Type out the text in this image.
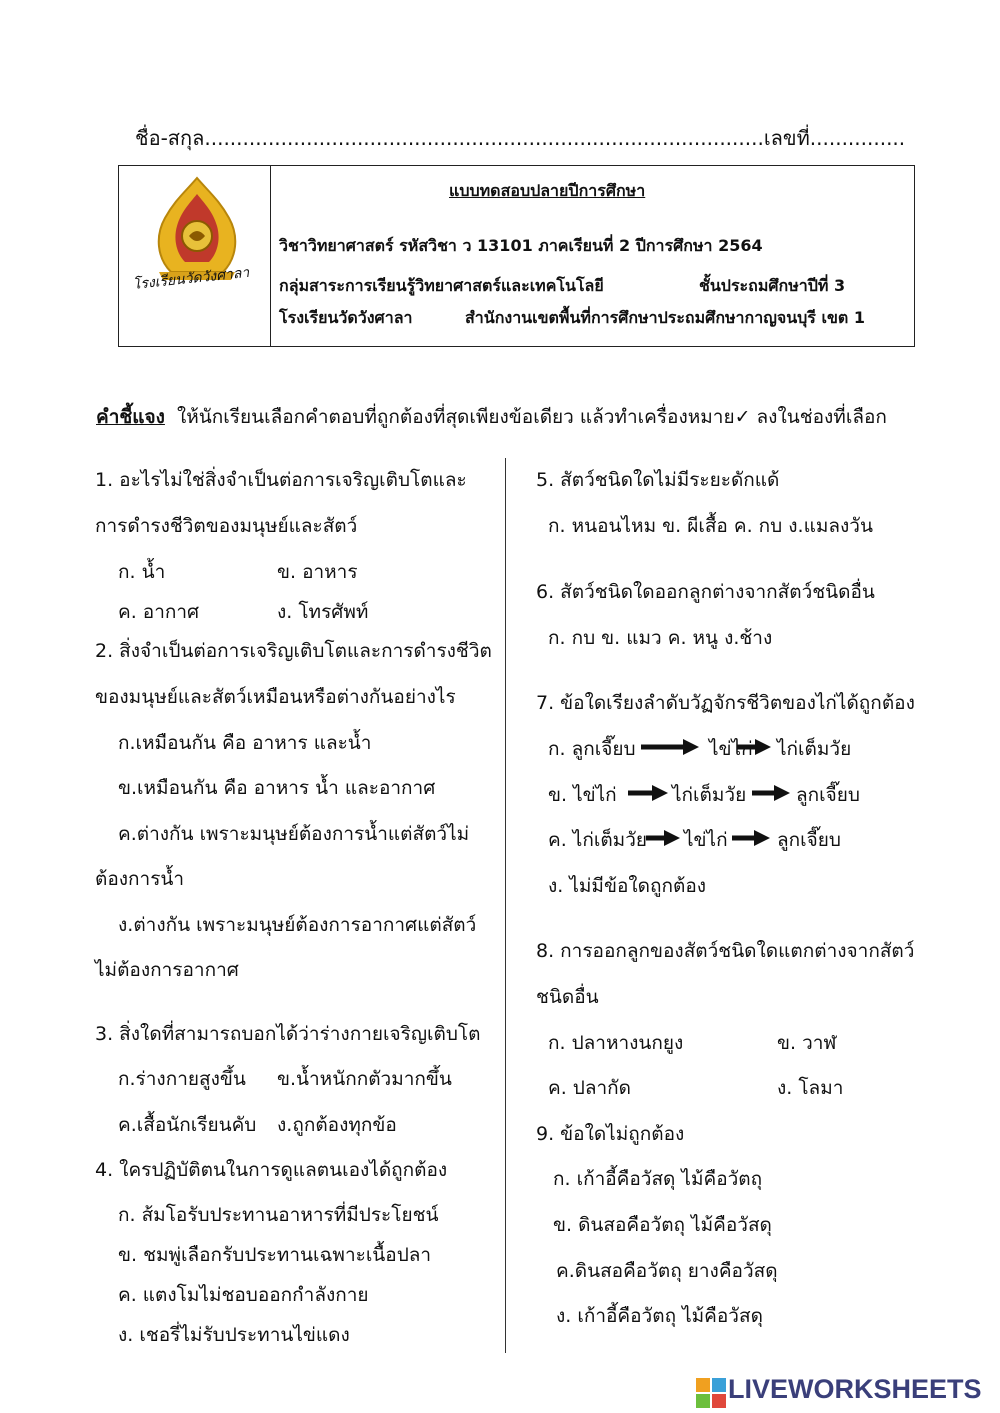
ชื่อ-สกุล........................................................................................เลขที่...............
โรงเรียนวัดวังศาลา
แบบทดสอบปลายปีการศึกษา
วิชาวิทยาศาสตร์ รหัสวิชา ว 13101 ภาคเรียนที่ 2 ปีการศึกษา 2564
กลุ่มสาระการเรียนรู้วิทยาศาสตร์และเทคโนโลยี	ชั้นประถมศึกษาปีที่ 3
โรงเรียนวัดวังศาลา	สำนักงานเขตพื้นที่การศึกษาประถมศึกษากาญจนบุรี เขต 1
คำชี้แจง ให้นักเรียนเลือกคำตอบที่ถูกต้องที่สุดเพียงข้อเดียว แล้วทำเครื่องหมาย✓ ลงในช่องที่เลือก
1. อะไรไม่ใช่สิ่งจำเป็นต่อการเจริญเติบโตและ
การดำรงชีวิตของมนุษย์และสัตว์
ก. น้ำ	ข. อาหาร
ค. อากาศ	ง. โทรศัพท์
2. สิ่งจำเป็นต่อการเจริญเติบโตและการดำรงชีวิต
ของมนุษย์และสัตว์เหมือนหรือต่างกันอย่างไร
ก.เหมือนกัน คือ อาหาร และน้ำ
ข.เหมือนกัน คือ อาหาร น้ำ และอากาศ
ค.ต่างกัน เพราะมนุษย์ต้องการน้ำแต่สัตว์ไม่
ต้องการน้ำ
ง.ต่างกัน เพราะมนุษย์ต้องการอากาศแต่สัตว์
ไม่ต้องการอากาศ
3. สิ่งใดที่สามารถบอกได้ว่าร่างกายเจริญเติบโต
ก.ร่างกายสูงขึ้น ข.น้ำหนักกตัวมากขึ้น
ค.เสื้อนักเรียนคับ ง.ถูกต้องทุกข้อ
4. ใครปฏิบัติตนในการดูแลตนเองได้ถูกต้อง
ก. ส้มโอรับประทานอาหารที่มีประโยชน์
ข. ชมพู่เลือกรับประทานเฉพาะเนื้อปลา
ค. แตงโมไม่ชอบออกกำลังกาย
ง. เชอรี่ไม่รับประทานไข่แดง
5. สัตว์ชนิดใดไม่มีระยะดักแด้
ก. หนอนไหม ข. ผีเสื้อ ค. กบ ง.แมลงวัน
6. สัตว์ชนิดใดออกลูกต่างจากสัตว์ชนิดอื่น
ก. กบ ข. แมว ค. หนู ง.ช้าง
7. ข้อใดเรียงลำดับวัฏจักรชีวิตของไก่ได้ถูกต้อง
ก. ลูกเจี๊ยบ	ไข่ไก่ ไก่เต็มวัย
ข. ไข่ไก่	ไก่เต็มวัย	ลูกเจี๊ยบ
ค. ไก่เต็มวัย ไข่ไก่	ลูกเจี๊ยบ
ง. ไม่มีข้อใดถูกต้อง
8. การออกลูกของสัตว์ชนิดใดแตกต่างจากสัตว์
ชนิดอื่น
ก. ปลาหางนกยูง	ข. วาฬ
ค. ปลากัด	ง. โลมา
9. ข้อใดไม่ถูกต้อง
ก. เก้าอี้คือวัสดุ ไม้คือวัตถุ
ข. ดินสอคือวัตถุ ไม้คือวัสดุ
ค.ดินสอคือวัตถุ ยางคือวัสดุ
ง. เก้าอี้คือวัตถุ ไม้คือวัสดุ
LIVEWORKSHEETS
